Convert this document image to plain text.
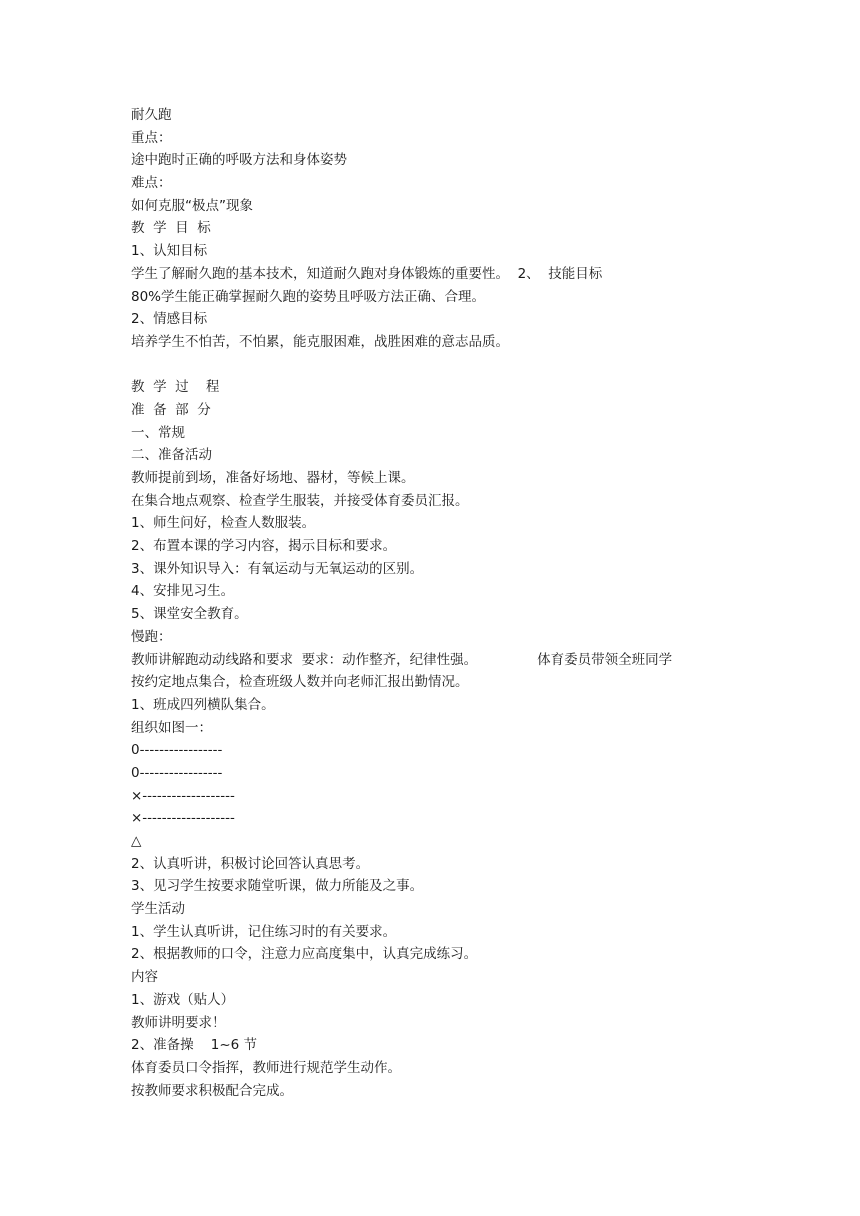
耐久跑
重点：
途中跑时正确的呼吸方法和身体姿势
难点：
如何克服“极点”现象
教  学  目  标
1、认知目标
学生了解耐久跑的基本技术，知道耐久跑对身体锻炼的重要性。  2、  技能目标
80%学生能正确掌握耐久跑的姿势且呼吸方法正确、合理。
2、情感目标
培养学生不怕苦，不怕累，能克服困难，战胜困难的意志品质。
教  学  过    程
准  备  部  分
一、常规
二、准备活动
教师提前到场，准备好场地、器材，等候上课。
在集合地点观察、检查学生服装，并接受体育委员汇报。
1、师生问好，检查人数服装。
2、布置本课的学习内容，揭示目标和要求。
3、课外知识导入：有氧运动与无氧运动的区别。
4、安排见习生。
5、课堂安全教育。
慢跑：
教师讲解跑动动线路和要求  要求：动作整齐，纪律性强。              体育委员带领全班同学
按约定地点集合，检查班级人数并向老师汇报出勤情况。
1、班成四列横队集合。
组织如图一：
0-----------------
0-----------------
×-------------------
×-------------------
△
2、认真听讲，积极讨论回答认真思考。
3、见习学生按要求随堂听课，做力所能及之事。
学生活动
1、学生认真听讲，记住练习时的有关要求。
2、根据教师的口令，注意力应高度集中，认真完成练习。
内容
1、游戏（贴人）
教师讲明要求！
2、准备操    1~6 节
体育委员口令指挥，教师进行规范学生动作。
按教师要求积极配合完成。
